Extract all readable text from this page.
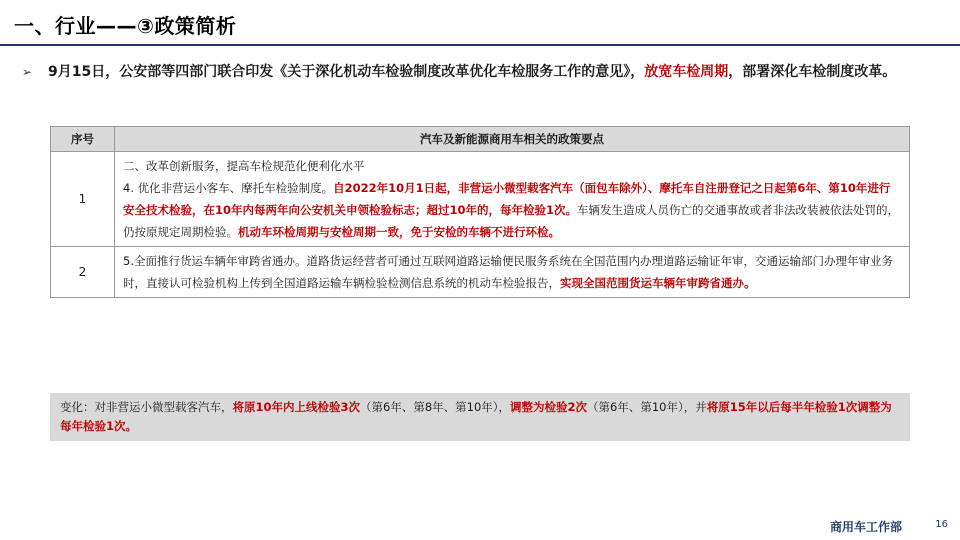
一、行业——③政策简析
➢ 9月15日，公安部等四部门联合印发《关于深化机动车检验制度改革优化车检服务工作的意见》，放宽车检周期，部署深化车检制度改革。
序号	汽车及新能源商用车相关的政策要点
1	二、改革创新服务，提高车检规范化便利化水平
4. 优化非营运小客车、摩托车检验制度。自2022年10月1日起，非营运小微型载客汽车（面包车除外）、摩托车自注册登记之日起第6年、第10年进行安全技术检验，在10年内每两年向公安机关申领检验标志；超过10年的，每年检验1次。车辆发生造成人员伤亡的交通事故或者非法改装被依法处罚的，仍按原规定周期检验。机动车环检周期与安检周期一致，免于安检的车辆不进行环检。
2	5.全面推行货运车辆年审跨省通办。道路货运经营者可通过互联网道路运输便民服务系统在全国范围内办理道路运输证年审，交通运输部门办理年审业务时，直接认可检验机构上传到全国道路运输车辆检验检测信息系统的机动车检验报告，实现全国范围货运车辆年审跨省通办。
变化：对非营运小微型载客汽车，将原10年内上线检验3次（第6年、第8年、第10年），调整为检验2次（第6年、第10年），并将原15年以后每半年检验1次调整为每年检验1次。
商用车工作部	16
